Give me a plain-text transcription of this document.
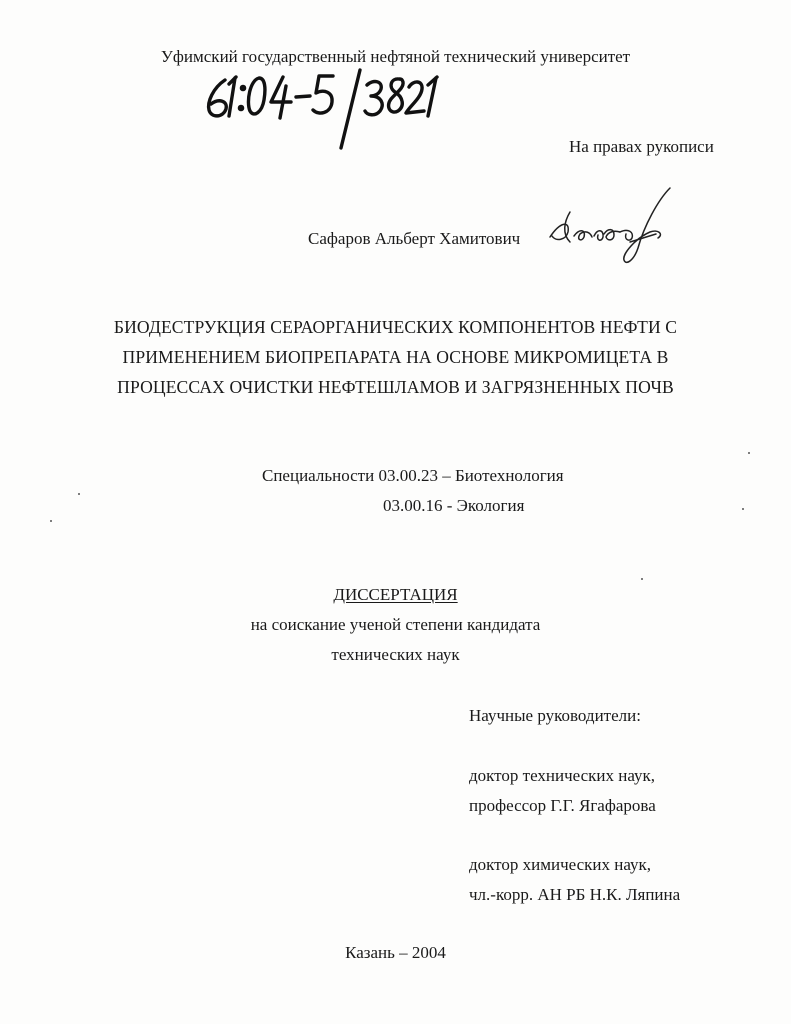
Уфимский государственный нефтяной технический университет
На правах рукописи
Сафаров Альберт Хамитович
БИОДЕСТРУКЦИЯ СЕРАОРГАНИЧЕСКИХ КОМПОНЕНТОВ НЕФТИ С
ПРИМЕНЕНИЕМ БИОПРЕПАРАТА НА ОСНОВЕ МИКРОМИЦЕТА В
ПРОЦЕССАХ ОЧИСТКИ НЕФТЕШЛАМОВ И ЗАГРЯЗНЕННЫХ ПОЧВ
Специальности 03.00.23 – Биотехнология
03.00.16 - Экология
ДИССЕРТАЦИЯ
на соискание ученой степени кандидата
технических наук
Научные руководители:
доктор технических наук,
профессор Г.Г. Ягафарова
доктор химических наук,
чл.-корр. АН РБ Н.К. Ляпина
Казань – 2004
